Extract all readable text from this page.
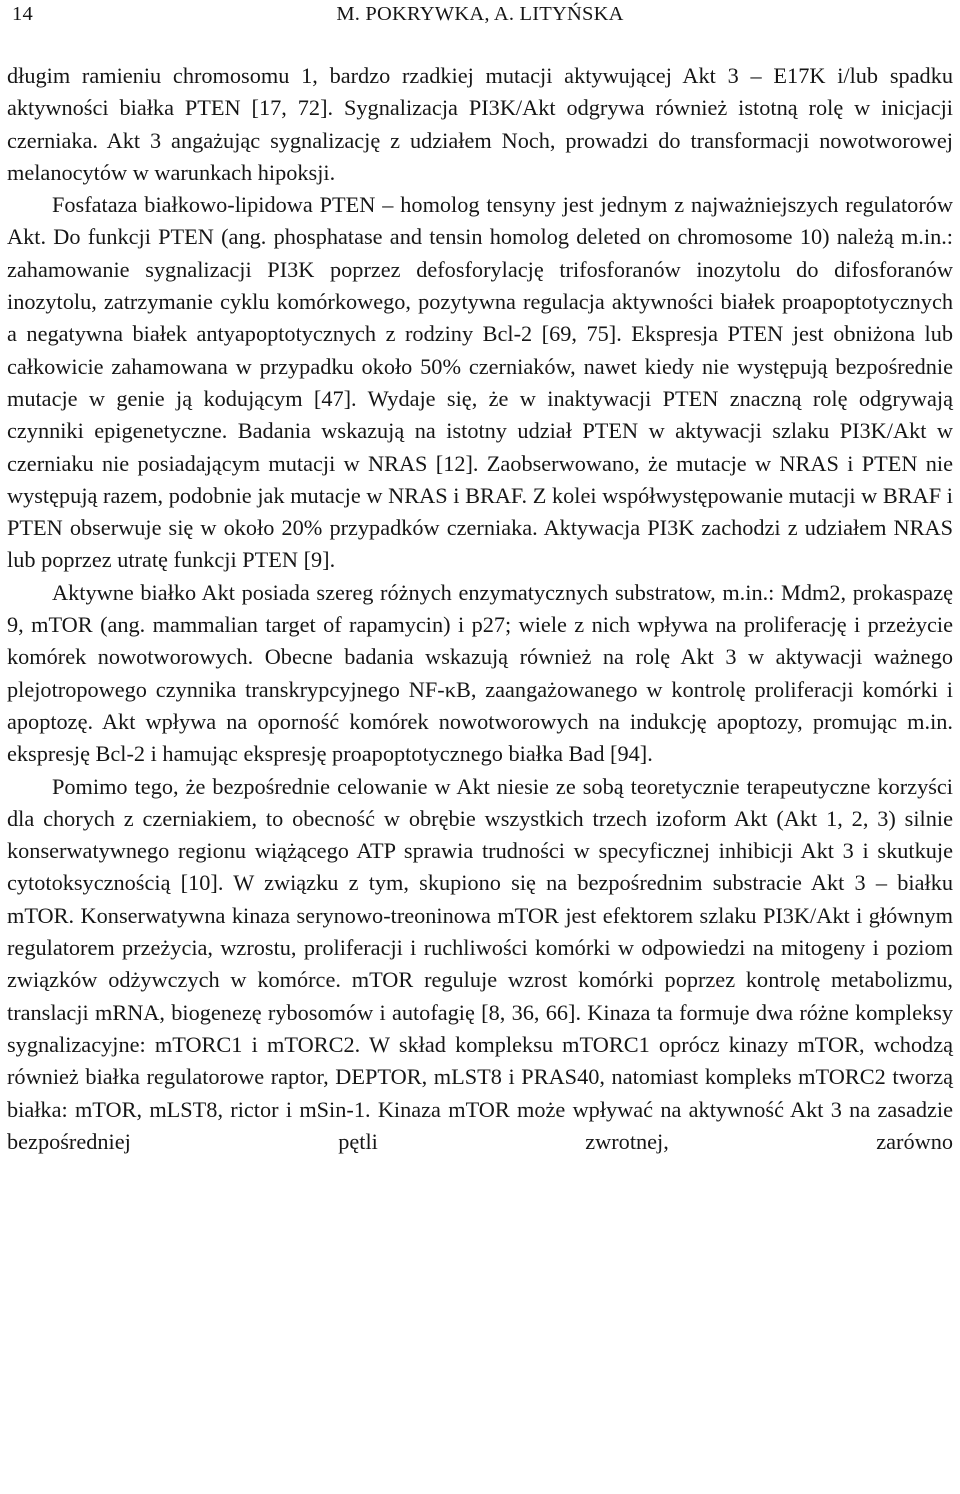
14	M. POKRYWKA, A. LITYŃSKA

długim ramieniu chromosomu 1, bardzo rzadkiej mutacji aktywującej Akt 3 – E17K i/lub spadku aktywności białka PTEN [17, 72]. Sygnalizacja PI3K/Akt odgrywa również istotną rolę w inicjacji czerniaka. Akt 3 angażując sygnalizację z udziałem Noch, prowadzi do transformacji nowotworowej melanocytów w warunkach hipoksji.

Fosfataza białkowo-lipidowa PTEN – homolog tensyny jest jednym z najważniejszych regulatorów Akt. Do funkcji PTEN (ang. phosphatase and tensin homolog deleted on chromosome 10) należą m.in.: zahamowanie sygnalizacji PI3K poprzez defosforylację trifosforanów inozytolu do difosforanów inozytolu, zatrzymanie cyklu komórkowego, pozytywna regulacja aktywności białek proapoptotycznych a negatywna białek antyapoptotycznych z rodziny Bcl-2 [69, 75]. Ekspresja PTEN jest obniżona lub całkowicie zahamowana w przypadku około 50% czerniaków, nawet kiedy nie występują bezpośrednie mutacje w genie ją kodującym [47]. Wydaje się, że w inaktywacji PTEN znaczną rolę odgrywają czynniki epigenetyczne. Badania wskazują na istotny udział PTEN w aktywacji szlaku PI3K/Akt w czerniaku nie posiadającym mutacji w NRAS [12]. Zaobserwowano, że mutacje w NRAS i PTEN nie występują razem, podobnie jak mutacje w NRAS i BRAF. Z kolei współwystępowanie mutacji w BRAF i PTEN obserwuje się w około 20% przypadków czerniaka. Aktywacja PI3K zachodzi z udziałem NRAS lub poprzez utratę funkcji PTEN [9].

Aktywne białko Akt posiada szereg różnych enzymatycznych substratow, m.in.: Mdm2, prokaspazę 9, mTOR (ang. mammalian target of rapamycin) i p27; wiele z nich wpływa na proliferację i przeżycie komórek nowotworowych. Obecne badania wskazują również na rolę Akt 3 w aktywacji ważnego plejotropowego czynnika transkrypcyjnego NF-κB, zaangażowanego w kontrolę proliferacji komórki i apoptozę. Akt wpływa na oporność komórek nowotworowych na indukcję apoptozy, promując m.in. ekspresję Bcl-2 i hamując ekspresję proapoptotycznego białka Bad [94].

Pomimo tego, że bezpośrednie celowanie w Akt niesie ze sobą teoretycznie terapeutyczne korzyści dla chorych z czerniakiem, to obecność w obrębie wszystkich trzech izoform Akt (Akt 1, 2, 3) silnie konserwatywnego regionu wiążącego ATP sprawia trudności w specyficznej inhibicji Akt 3 i skutkuje cytotoksycznością [10]. W związku z tym, skupiono się na bezpośrednim substracie Akt 3 – białku mTOR. Konserwatywna kinaza serynowo-treoninowa mTOR jest efektorem szlaku PI3K/Akt i głównym regulatorem przeżycia, wzrostu, proliferacji i ruchliwości komórki w odpowiedzi na mitogeny i poziom związków odżywczych w komórce. mTOR reguluje wzrost komórki poprzez kontrolę metabolizmu, translacji mRNA, biogenezę rybosomów i autofagię [8, 36, 66]. Kinaza ta formuje dwa różne kompleksy sygnalizacyjne: mTORC1 i mTORC2. W skład kompleksu mTORC1 oprócz kinazy mTOR, wchodzą również białka regulatorowe raptor, DEPTOR, mLST8 i PRAS40, natomiast kompleks mTORC2 tworzą białka: mTOR, mLST8, rictor i mSin-1. Kinaza mTOR może wpływać na aktywność Akt 3 na zasadzie bezpośredniej pętli zwrotnej, zarówno
